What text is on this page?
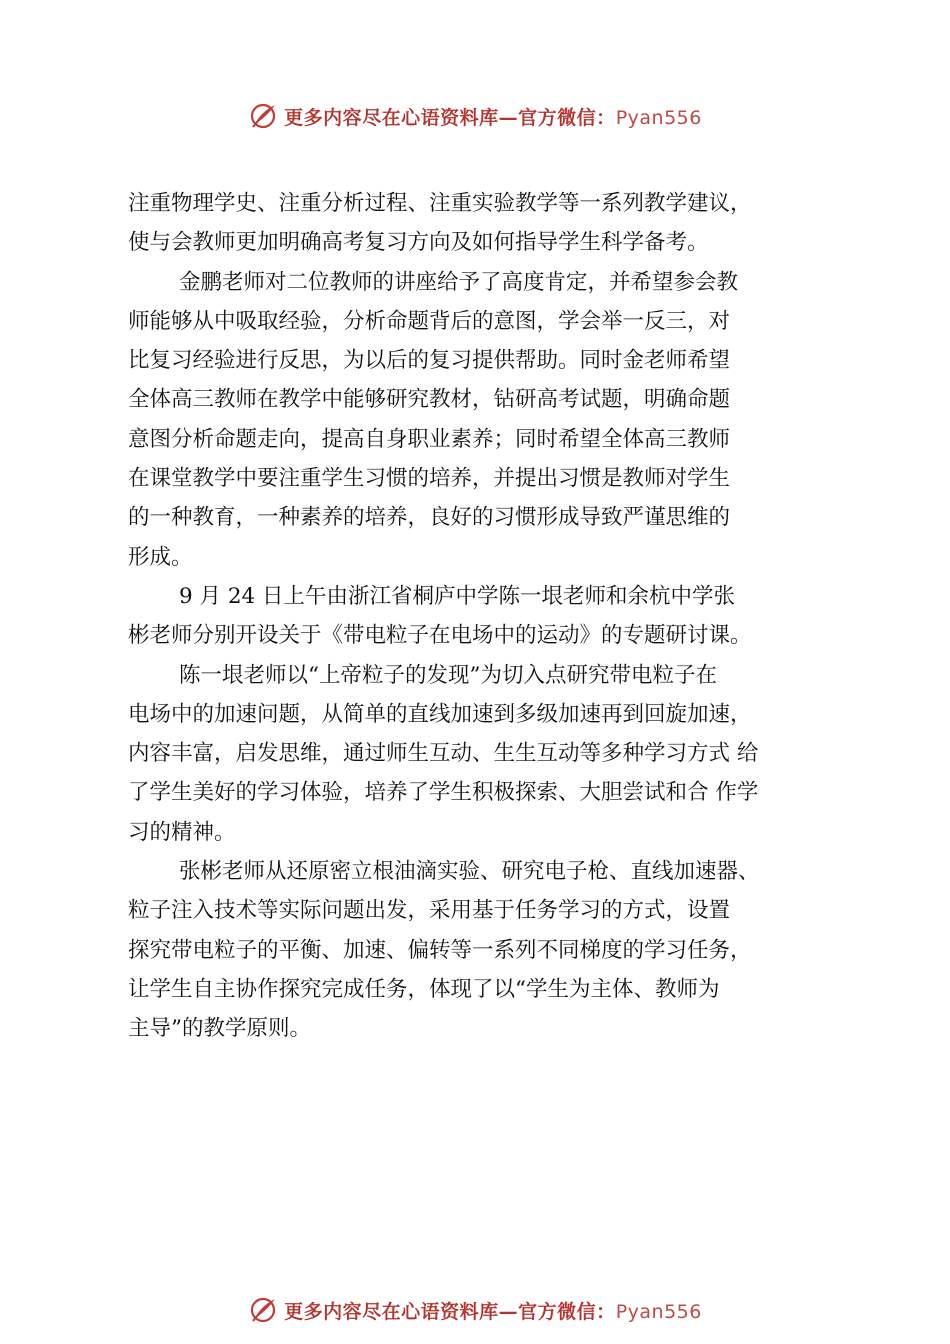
更多内容尽在心语资料库—官方微信：Pyan556

注重物理学史、注重分析过程、注重实验教学等一系列教学建议，
使与会教师更加明确高考复习方向及如何指导学生科学备考。

金鹏老师对二位教师的讲座给予了高度肯定，并希望参会教
师能够从中吸取经验，分析命题背后的意图，学会举一反三，对
比复习经验进行反思，为以后的复习提供帮助。同时金老师希望
全体高三教师在教学中能够研究教材，钻研高考试题，明确命题
意图分析命题走向，提高自身职业素养；同时希望全体高三教师
在课堂教学中要注重学生习惯的培养，并提出习惯是教师对学生
的一种教育，一种素养的培养，良好的习惯形成导致严谨思维的
形成。

9 月 24 日上午由浙江省桐庐中学陈一垠老师和余杭中学张
彬老师分别开设关于《带电粒子在电场中的运动》的专题研讨课。

陈一垠老师以“上帝粒子的发现”为切入点研究带电粒子在
电场中的加速问题，从简单的直线加速到多级加速再到回旋加速，
内容丰富，启发思维，通过师生互动、生生互动等多种学习方式 给
了学生美好的学习体验，培养了学生积极探索、大胆尝试和合 作学
习的精神。

张彬老师从还原密立根油滴实验、研究电子枪、直线加速器、
粒子注入技术等实际问题出发，采用基于任务学习的方式，设置
探究带电粒子的平衡、加速、偏转等一系列不同梯度的学习任务，
让学生自主协作探究完成任务，体现了以“学生为主体、教师为
主导”的教学原则。

更多内容尽在心语资料库—官方微信：Pyan556
